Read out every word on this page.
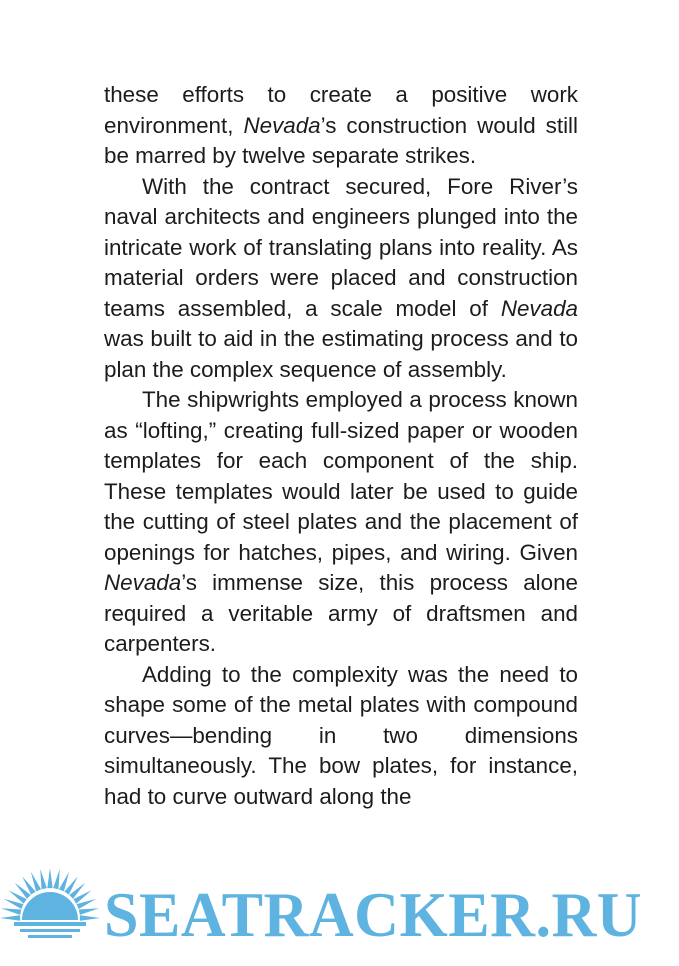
these efforts to create a positive work environment, Nevada’s construction would still be marred by twelve separate strikes.

With the contract secured, Fore River’s naval architects and engineers plunged into the intricate work of translating plans into reality. As material orders were placed and construction teams assembled, a scale model of Nevada was built to aid in the estimating process and to plan the complex sequence of assembly.

The shipwrights employed a process known as “lofting,” creating full-sized paper or wooden templates for each component of the ship. These templates would later be used to guide the cutting of steel plates and the placement of openings for hatches, pipes, and wiring. Given Nevada’s immense size, this process alone required a veritable army of draftsmen and carpenters.

Adding to the complexity was the need to shape some of the metal plates with compound curves—bending in two dimensions simultaneously. The bow plates, for instance, had to curve outward along the

SEATRACKER.RU
